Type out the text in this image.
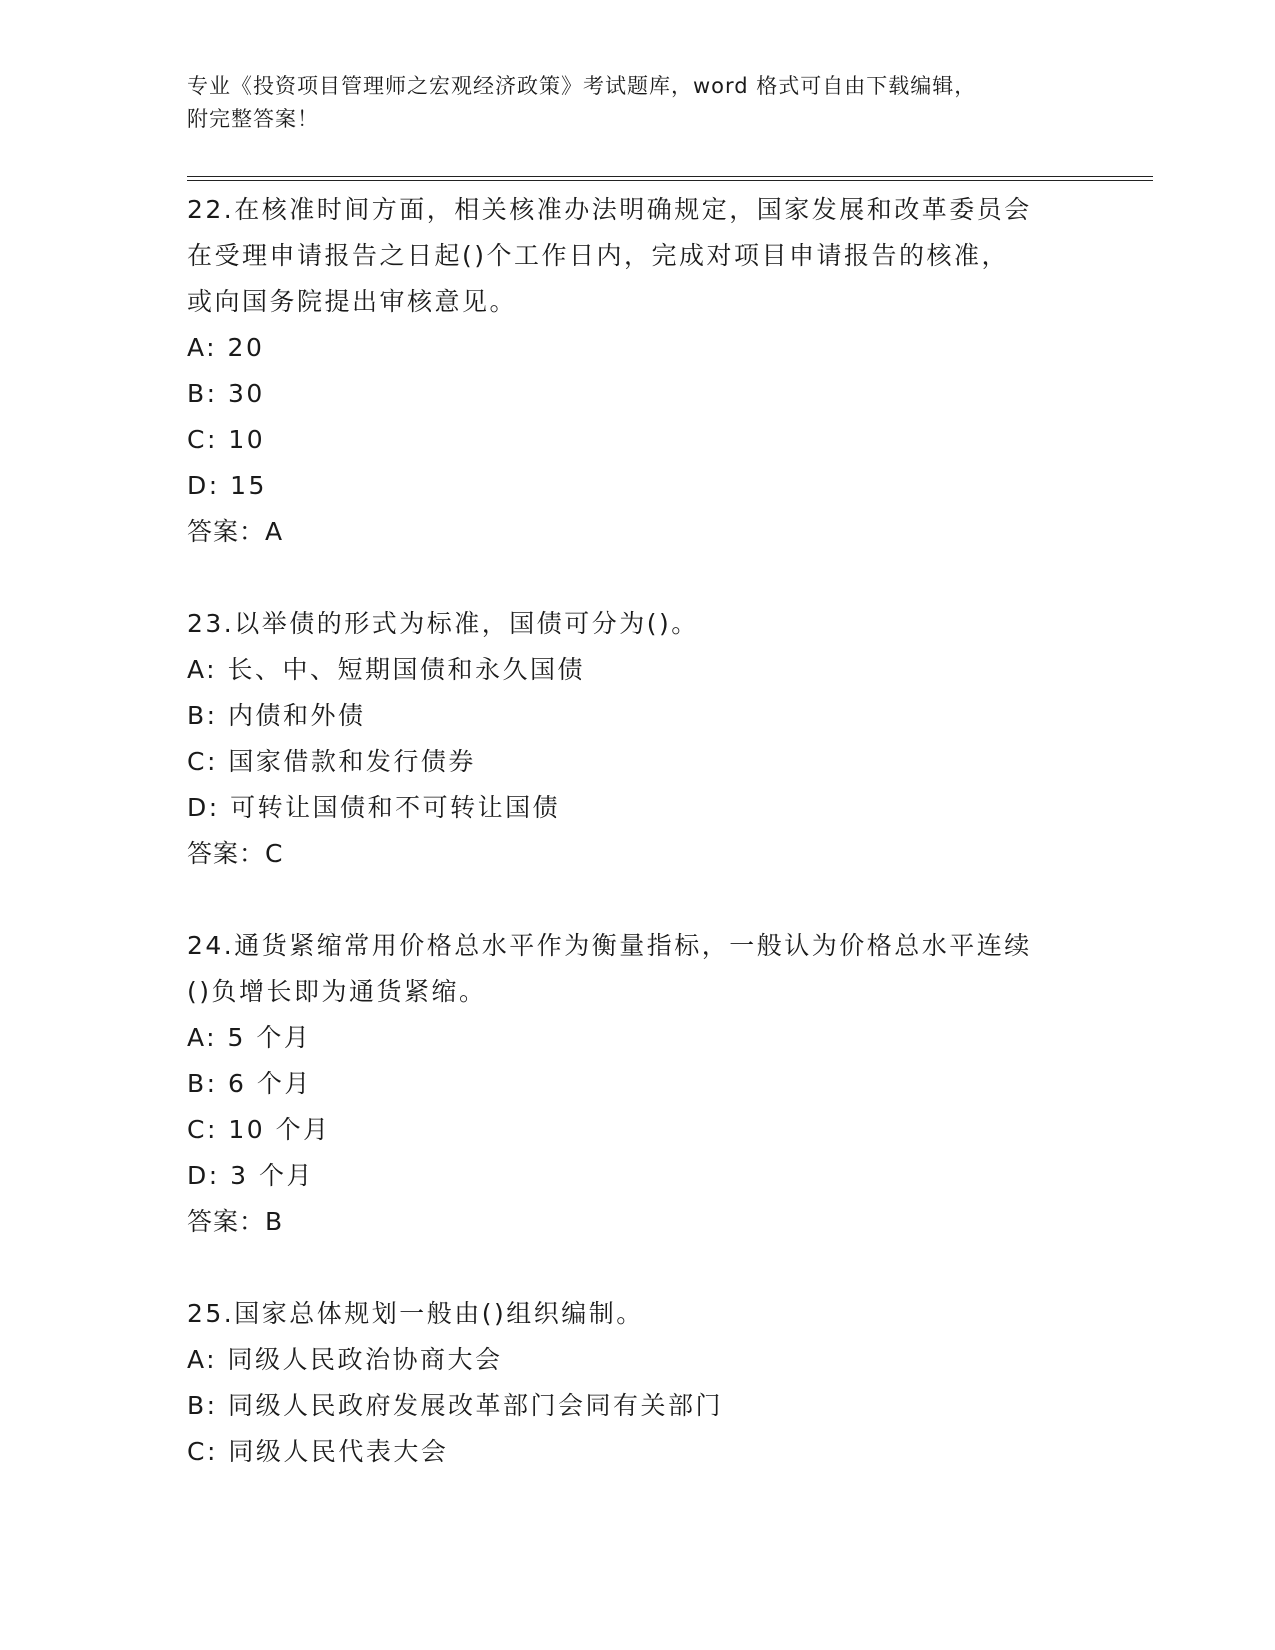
专业《投资项目管理师之宏观经济政策》考试题库，word 格式可自由下载编辑，
附完整答案！

22.在核准时间方面，相关核准办法明确规定，国家发展和改革委员会

在受理申请报告之日起()个工作日内，完成对项目申请报告的核准，

或向国务院提出审核意见。

A: 20

B: 30

C: 10

D: 15

答案：A

23.以举债的形式为标准，国债可分为()。

A: 长、中、短期国债和永久国债

B: 内债和外债

C: 国家借款和发行债券

D: 可转让国债和不可转让国债

答案：C

24.通货紧缩常用价格总水平作为衡量指标，一般认为价格总水平连续

()负增长即为通货紧缩。

A: 5 个月

B: 6 个月

C: 10 个月

D: 3 个月

答案：B

25.国家总体规划一般由()组织编制。

A: 同级人民政治协商大会

B: 同级人民政府发展改革部门会同有关部门

C: 同级人民代表大会
